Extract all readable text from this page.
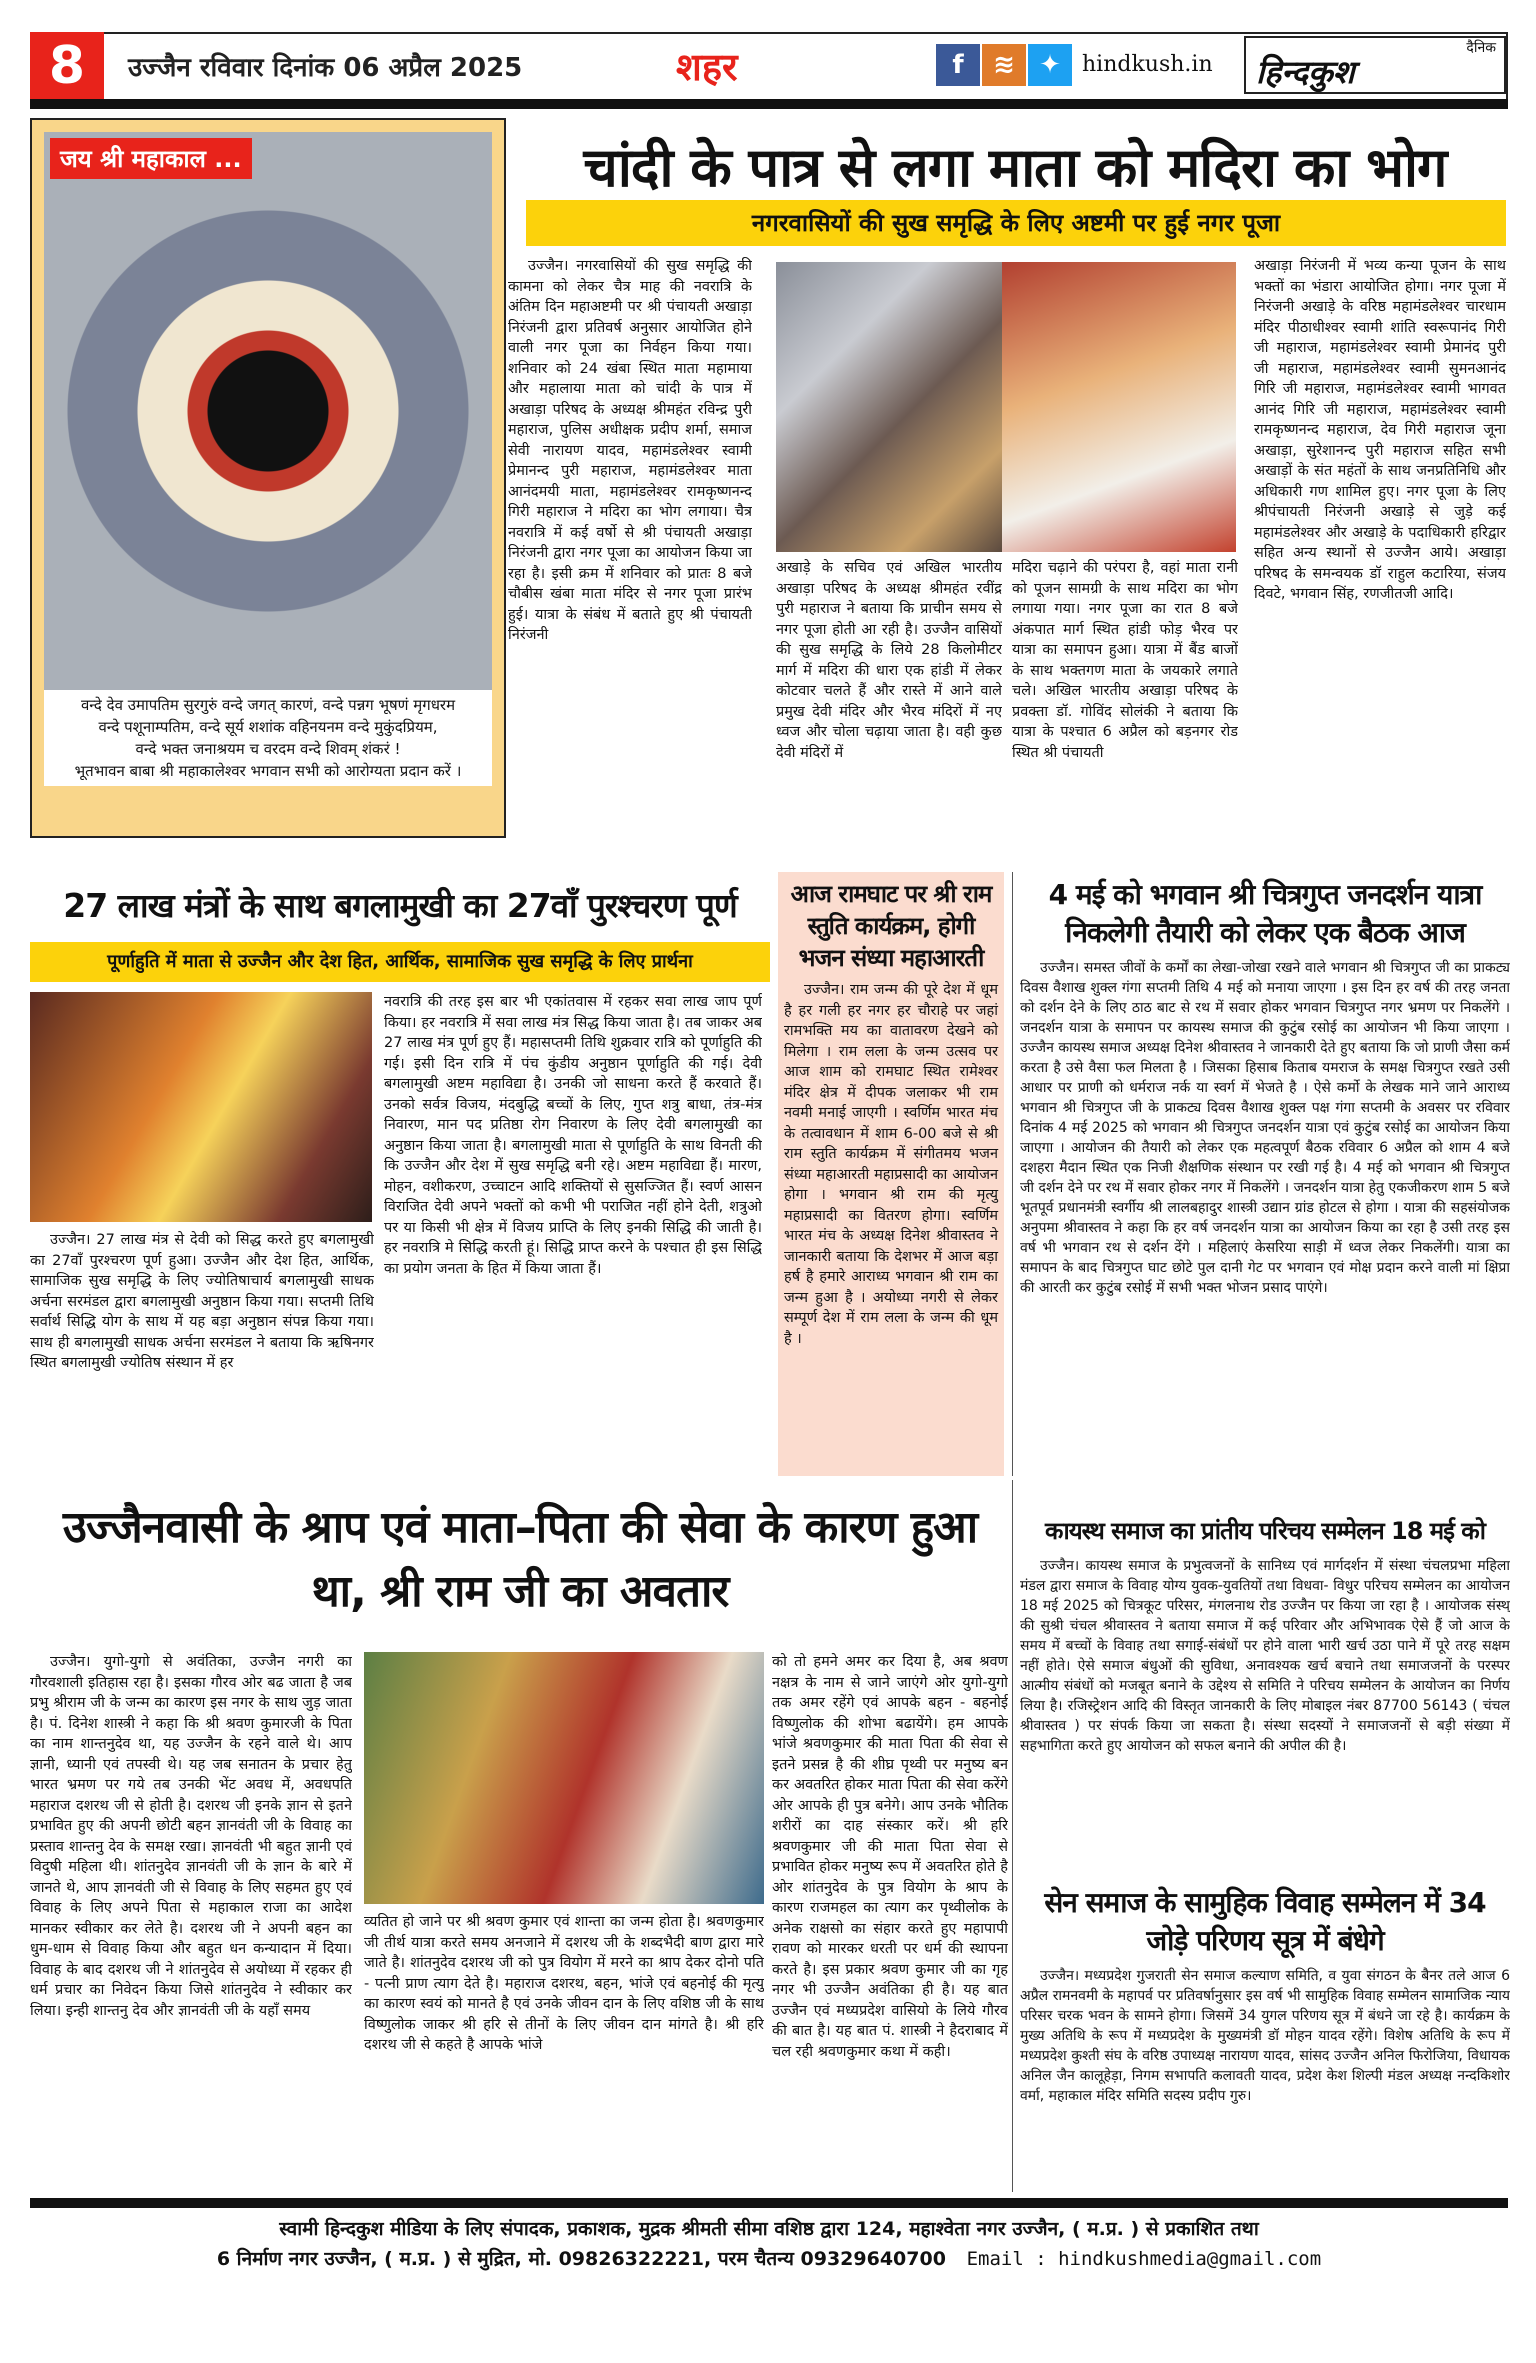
8	उज्जैन रविवार दिनांक 06 अप्रैल 2025	शहर	f	≋ ✦ hindkush.in
दैनिक
हिन्दकुश
जय श्री महाकाल ...
वन्दे देव उमापतिम सुरगुरुं वन्दे जगत् कारणं, वन्दे पन्नग भूषणं मृगधरम
वन्दे पशूनाम्पतिम, वन्दे सूर्य शशांक वहिनयनम वन्दे मुकुंदप्रियम,
वन्दे भक्त जनाश्रयम च वरदम वन्दे शिवम् शंकरं !
भूतभावन बाबा श्री महाकालेश्वर भगवान सभी को आरोग्यता प्रदान करें ।
चांदी के पात्र से लगा माता को मदिरा का भोग
नगरवासियों की सुख समृद्धि के लिए अष्टमी पर हुई नगर पूजा

उज्जैन। नगरवासियों की सुख समृद्धि की कामना को लेकर चैत्र माह की नवरात्रि के अंतिम दिन महाअष्टमी पर श्री पंचायती अखाड़ा निरंजनी द्वारा प्रतिवर्ष अनुसार आयोजित होने वाली नगर पूजा का निर्वहन किया गया। शनिवार को 24 खंबा स्थित माता महामाया और महालाया माता को चांदी के पात्र में अखाड़ा परिषद के अध्यक्ष श्रीमहंत रविन्द्र पुरी महाराज, पुलिस अधीक्षक प्रदीप शर्मा, समाज सेवी नारायण यादव, महामंडलेश्वर स्वामी प्रेमानन्द पुरी महाराज, महामंडलेश्वर माता आनंदमयी माता, महामंडलेश्वर रामकृष्णनन्द गिरी महाराज ने मदिरा का भोग लगाया। चैत्र नवरात्रि में कई वर्षो से श्री पंचायती अखाड़ा निरंजनी द्वारा नगर पूजा का आयोजन किया जा रहा है। इसी क्रम में शनिवार को प्रातः 8 बजे चौबीस खंबा माता मंदिर से नगर पूजा प्रारंभ हुई। यात्रा के संबंध में बताते हुए श्री पंचायती निरंजनी

अखाड़े के सचिव एवं अखिल भारतीय अखाड़ा परिषद के अध्यक्ष श्रीमहंत रवींद्र पुरी महाराज ने बताया कि प्राचीन समय से नगर पूजा होती आ रही है। उज्जैन वासियों की सुख समृद्धि के लिये 28 किलोमीटर मार्ग में मदिरा की धारा एक हांडी में लेकर कोटवार चलते हैं और रास्ते में आने वाले प्रमुख देवी मंदिर और भैरव मंदिरों में नए ध्वज और चोला चढ़ाया जाता है। वही कुछ देवी मंदिरों में

मदिरा चढ़ाने की परंपरा है, वहां माता रानी को पूजन सामग्री के साथ मदिरा का भोग लगाया गया। नगर पूजा का रात 8 बजे अंकपात मार्ग स्थित हांडी फोड़ भैरव पर यात्रा का समापन हुआ। यात्रा में बैंड बाजों के साथ भक्तगण माता के जयकारे लगाते चले। अखिल भारतीय अखाड़ा परिषद के प्रवक्ता डॉ. गोविंद सोलंकी ने बताया कि यात्रा के पश्चात 6 अप्रैल को बड़नगर रोड स्थित श्री पंचायती

अखाड़ा निरंजनी में भव्य कन्या पूजन के साथ भक्तों का भंडारा आयोजित होगा। नगर पूजा में निरंजनी अखाड़े के वरिष्ठ महामंडलेश्वर चारधाम मंदिर पीठाधीश्वर स्वामी शांति स्वरूपानंद गिरी जी महाराज, महामंडलेश्वर स्वामी प्रेमानंद पुरी जी महाराज, महामंडलेश्वर स्वामी सुमनआनंद गिरि जी महाराज, महामंडलेश्वर स्वामी भागवत आनंद गिरि जी महाराज, महामंडलेश्वर स्वामी रामकृष्णनन्द महाराज, देव गिरी महाराज जूना अखाड़ा, सुरेशानन्द पुरी महाराज सहित सभी अखाड़ों के संत महंतों के साथ जनप्रतिनिधि और अधिकारी गण शामिल हुए। नगर पूजा के लिए श्रीपंचायती निरंजनी अखाड़े से जुड़े कई महामंडलेश्वर और अखाड़े के पदाधिकारी हरिद्वार सहित अन्य स्थानों से उज्जैन आये। अखाड़ा परिषद के समन्वयक डॉ राहुल कटारिया, संजय दिवटे, भगवान सिंह, रणजीतजी आदि।

27 लाख मंत्रों के साथ बगलामुखी का 27वाँ पुरश्चरण पूर्ण
पूर्णाहुति में माता से उज्जैन और देश हित, आर्थिक, सामाजिक सुख समृद्धि के लिए प्रार्थना

उज्जैन। 27 लाख मंत्र से देवी को सिद्ध करते हुए बगलामुखी का 27वाँ पुरश्चरण पूर्ण हुआ। उज्जैन और देश हित, आर्थिक, सामाजिक सुख समृद्धि के लिए ज्योतिषाचार्य बगलामुखी साधक अर्चना सरमंडल द्वारा बगलामुखी अनुष्ठान किया गया। सप्तमी तिथि सर्वार्थ सिद्धि योग के साथ में यह बड़ा अनुष्ठान संपन्न किया गया। साथ ही बगलामुखी साधक अर्चना सरमंडल ने बताया कि ऋषिनगर स्थित बगलामुखी ज्योतिष संस्थान में हर

नवरात्रि की तरह इस बार भी एकांतवास में रहकर सवा लाख जाप पूर्ण किया। हर नवरात्रि में सवा लाख मंत्र सिद्ध किया जाता है। तब जाकर अब 27 लाख मंत्र पूर्ण हुए हैं। महासप्तमी तिथि शुक्रवार रात्रि को पूर्णाहुति की गई। इसी दिन रात्रि में पंच कुंडीय अनुष्ठान पूर्णाहुति की गई। देवी बगलामुखी अष्टम महाविद्या है। उनकी जो साधना करते हैं करवाते हैं। उनको सर्वत्र विजय, मंदबुद्धि बच्चों के लिए, गुप्त शत्रु बाधा, तंत्र-मंत्र निवारण, मान पद प्रतिष्ठा रोग निवारण के लिए देवी बगलामुखी का अनुष्ठान किया जाता है। बगलामुखी माता से पूर्णाहुति के साथ विनती की कि उज्जैन और देश में सुख समृद्धि बनी रहे। अष्टम महाविद्या हैं। मारण, मोहन, वशीकरण, उच्चाटन आदि शक्तियों से सुसज्जित हैं। स्वर्ण आसन विराजित देवी अपने भक्तों को कभी भी पराजित नहीं होने देती, शत्रुओ पर या किसी भी क्षेत्र में विजय प्राप्ति के लिए इनकी सिद्धि की जाती है। हर नवरात्रि मे सिद्धि करती हूं। सिद्धि प्राप्त करने के पश्चात ही इस सिद्धि का प्रयोग जनता के हित में किया जाता हैं।

आज रामघाट पर श्री राम स्तुति कार्यक्रम, होगी भजन संध्या महाआरती

उज्जैन। राम जन्म की पूरे देश में धूम है हर गली हर नगर हर चौराहे पर जहां रामभक्ति मय का वातावरण देखने को मिलेगा । राम लला के जन्म उत्सव पर आज शाम को रामघाट स्थित रामेश्वर मंदिर क्षेत्र में दीपक जलाकर भी राम नवमी मनाई जाएगी । स्वर्णिम भारत मंच के तत्वावधान में शाम 6-00 बजे से श्री राम स्तुति कार्यक्रम में संगीतमय भजन संध्या महाआरती महाप्रसादी का आयोजन होगा । भगवान श्री राम की मृत्यु महाप्रसादी का वितरण होगा। स्वर्णिम भारत मंच के अध्यक्ष दिनेश श्रीवास्तव ने जानकारी बताया कि देशभर में आज बड़ा हर्ष है हमारे आराध्य भगवान श्री राम का जन्म हुआ है । अयोध्या नगरी से लेकर सम्पूर्ण देश में राम लला के जन्म की धूम है ।

4 मई को भगवान श्री चित्रगुप्त जनदर्शन यात्रा निकलेगी तैयारी को लेकर एक बैठक आज

उज्जैन। समस्त जीवों के कर्मों का लेखा-जोखा रखने वाले भगवान श्री चित्रगुप्त जी का प्राकट्य दिवस वैशाख शुक्ल गंगा सप्तमी तिथि 4 मई को मनाया जाएगा । इस दिन हर वर्ष की तरह जनता को दर्शन देने के लिए ठाठ बाट से रथ में सवार होकर भगवान चित्रगुप्त नगर भ्रमण पर निकलेंगे । जनदर्शन यात्रा के समापन पर कायस्थ समाज की कुटुंब रसोई का आयोजन भी किया जाएगा । उज्जैन कायस्थ समाज अध्यक्ष दिनेश श्रीवास्तव ने जानकारी देते हुए बताया कि जो प्राणी जैसा कर्म करता है उसे वैसा फल मिलता है । जिसका हिसाब किताब यमराज के समक्ष चित्रगुप्त रखते उसी आधार पर प्राणी को धर्मराज नर्क या स्वर्ग में भेजते है । ऐसे कर्मो के लेखक माने जाने आराध्य भगवान श्री चित्रगुप्त जी के प्राकट्य दिवस वैशाख शुक्ल पक्ष गंगा सप्तमी के अवसर पर रविवार दिनांक 4 मई 2025 को भगवान श्री चित्रगुप्त जनदर्शन यात्रा एवं कुटुंब रसोई का आयोजन किया जाएगा । आयोजन की तैयारी को लेकर एक महत्वपूर्ण बैठक रविवार 6 अप्रैल को शाम 4 बजे दशहरा मैदान स्थित एक निजी शैक्षणिक संस्थान पर रखी गई है। 4 मई को भगवान श्री चित्रगुप्त जी दर्शन देने पर रथ में सवार होकर नगर में निकलेंगे । जनदर्शन यात्रा हेतु एकजीकरण शाम 5 बजे भूतपूर्व प्रधानमंत्री स्वर्गीय श्री लालबहादुर शास्त्री उद्यान ग्रांड होटल से होगा । यात्रा की सहसंयोजक अनुपमा श्रीवास्तव ने कहा कि हर वर्ष जनदर्शन यात्रा का आयोजन किया का रहा है उसी तरह इस वर्ष भी भगवान रथ से दर्शन देंगे । महिलाएं केसरिया साड़ी में ध्वज लेकर निकलेंगी। यात्रा का समापन के बाद चित्रगुप्त घाट छोटे पुल दानी गेट पर भगवान एवं मोक्ष प्रदान करने वाली मां क्षिप्रा की आरती कर कुटुंब रसोई में सभी भक्त भोजन प्रसाद पाएंगे।

कायस्थ समाज का प्रांतीय परिचय सम्मेलन 18 मई को

उज्जैन। कायस्थ समाज के प्रभुत्वजनों के सानिध्य एवं मार्गदर्शन में संस्था चंचलप्रभा महिला मंडल द्वारा समाज के विवाह योग्य युवक-युवतियों तथा विधवा- विधुर परिचय सम्मेलन का आयोजन 18 मई 2025 को चित्रकूट परिसर, मंगलनाथ रोड उज्जैन पर किया जा रहा है । आयोजक संस्थ् की सुश्री चंचल श्रीवास्तव ने बताया समाज में कई परिवार और अभिभावक ऐसे हैं जो आज के समय में बच्चों के विवाह तथा सगाई-संबंधों पर होने वाला भारी खर्च उठा पाने में पूरे तरह सक्षम नहीं होते। ऐसे समाज बंधुओं की सुविधा, अनावश्यक खर्च बचाने तथा समाजजनों के परस्पर आत्मीय संबंधों को मजबूत बनाने के उद्देश्य से समिति ने परिचय सम्मेलन के आयोजन का निर्णय लिया है। रजिस्ट्रेशन आदि की विस्तृत जानकारी के लिए मोबाइल नंबर 87700 56143 ( चंचल श्रीवास्तव ) पर संपर्क किया जा सकता है। संस्था सदस्यों ने समाजजनों से बड़ी संख्या में सहभागिता करते हुए आयोजन को सफल बनाने की अपील की है।

उज्जैनवासी के श्राप एवं माता–पिता की सेवा के कारण हुआ था, श्री राम जी का अवतार

उज्जैन। युगो-युगो से अवंतिका, उज्जैन नगरी का गौरवशाली इतिहास रहा है। इसका गौरव ओर बढ जाता है जब प्रभु श्रीराम जी के जन्म का कारण इस नगर के साथ जुड़ जाता है। पं. दिनेश शास्त्री ने कहा कि श्री श्रवण कुमारजी के पिता का नाम शान्तनुदेव था, यह उज्जैन के रहने वाले थे। आप ज्ञानी, ध्यानी एवं तपस्वी थे। यह जब सनातन के प्रचार हेतु भारत भ्रमण पर गये तब उनकी भेंट अवध में, अवधपति महाराज दशरथ जी से होती है। दशरथ जी इनके ज्ञान से इतने प्रभावित हुए की अपनी छोटी बहन ज्ञानवंती जी के विवाह का प्रस्ताव शान्तनु देव के समक्ष रखा। ज्ञानवंती भी बहुत ज्ञानी एवं विदुषी महिला थी। शांतनुदेव ज्ञानवंती जी के ज्ञान के बारे में जानते थे, आप ज्ञानवंती जी से विवाह के लिए सहमत हुए एवं विवाह के लिए अपने पिता से महाकाल राजा का आदेश मानकर स्वीकार कर लेते है। दशरथ जी ने अपनी बहन का धुम-धाम से विवाह किया और बहुत धन कन्यादान में दिया। विवाह के बाद दशरथ जी ने शांतनुदेव से अयोध्या में रहकर ही धर्म प्रचार का निवेदन किया जिसे शांतनुदेव ने स्वीकार कर लिया। इन्ही शान्तनु देव और ज्ञानवंती जी के यहाँ समय

व्यतित हो जाने पर श्री श्रवण कुमार एवं शान्ता का जन्म होता है। श्रवणकुमार जी तीर्थ यात्रा करते समय अनजाने में दशरथ जी के शब्दभैदी बाण द्वारा मारे जाते है। शांतनुदेव दशरथ जी को पुत्र वियोग में मरने का श्राप देकर दोनो पति - पत्नी प्राण त्याग देते है। महाराज दशरथ, बहन, भांजे एवं बहनोई की मृत्यु का कारण स्वयं को मानते है एवं उनके जीवन दान के लिए वशिष्ठ जी के साथ विष्णुलोक जाकर श्री हरि से तीनों के लिए जीवन दान मांगते है। श्री हरि दशरथ जी से कहते है आपके भांजे

को तो हमने अमर कर दिया है, अब श्रवण नक्षत्र के नाम से जाने जाएंगे ओर युगो-युगो तक अमर रहेंगे एवं आपके बहन - बहनोई विष्णुलोक की शोभा बढायेंगे। हम आपके भांजे श्रवणकुमार की माता पिता की सेवा से इतने प्रसन्न है की शीघ्र पृथ्वी पर मनुष्य बन कर अवतरित होकर माता पिता की सेवा करेंगे ओर आपके ही पुत्र बनेगे। आप उनके भौतिक शरीरों का दाह संस्कार करें। श्री हरि श्रवणकुमार जी की माता पिता सेवा से प्रभावित होकर मनुष्य रूप में अवतरित होते है ओर शांतनुदेव के पुत्र वियोग के श्राप के कारण राजमहल का त्याग कर पृथ्वीलोक के अनेक राक्षसो का संहार करते हुए महापापी रावण को मारकर धरती पर धर्म की स्थापना करते है। इस प्रकार श्रवण कुमार जी का गृह नगर भी उज्जैन अवंतिका ही है। यह बात उज्जैन एवं मध्यप्रदेश वासियो के लिये गौरव की बात है। यह बात पं. शास्त्री ने हैदराबाद में चल रही श्रवणकुमार कथा में कही।

सेन समाज के सामुहिक विवाह सम्मेलन में 34 जोड़े परिणय सूत्र में बंधेगे

उज्जैन। मध्यप्रदेश गुजराती सेन समाज कल्याण समिति, व युवा संगठन के बैनर तले आज 6 अप्रैल रामनवमी के महापर्व पर प्रतिवर्षानुसार इस वर्ष भी सामुहिक विवाह सम्मेलन सामाजिक न्याय परिसर चरक भवन के सामने होगा। जिसमें 34 युगल परिणय सूत्र में बंधने जा रहे है। कार्यक्रम के मुख्य अतिथि के रूप में मध्यप्रदेश के मुख्यमंत्री डॉ मोहन यादव रहेंगे। विशेष अतिथि के रूप में मध्यप्रदेश कुश्ती संघ के वरिष्ठ उपाध्यक्ष नारायण यादव, सांसद उज्जैन अनिल फिरोजिया, विधायक अनिल जैन कालूहेड़ा, निगम सभापति कलावती यादव, प्रदेश केश शिल्पी मंडल अध्यक्ष नन्दकिशोर वर्मा, महाकाल मंदिर समिति सदस्य प्रदीप गुरु।

स्वामी हिन्दकुश मीडिया के लिए संपादक, प्रकाशक, मुद्रक श्रीमती सीमा वशिष्ठ द्वारा 124, महाश्वेता नगर उज्जैन, ( म.प्र. ) से प्रकाशित तथा
6 निर्माण नगर उज्जैन, ( म.प्र. ) से मुद्रित, मो. 09826322221, परम चैतन्य 09329640700 Email : hindkushmedia@gmail.com
